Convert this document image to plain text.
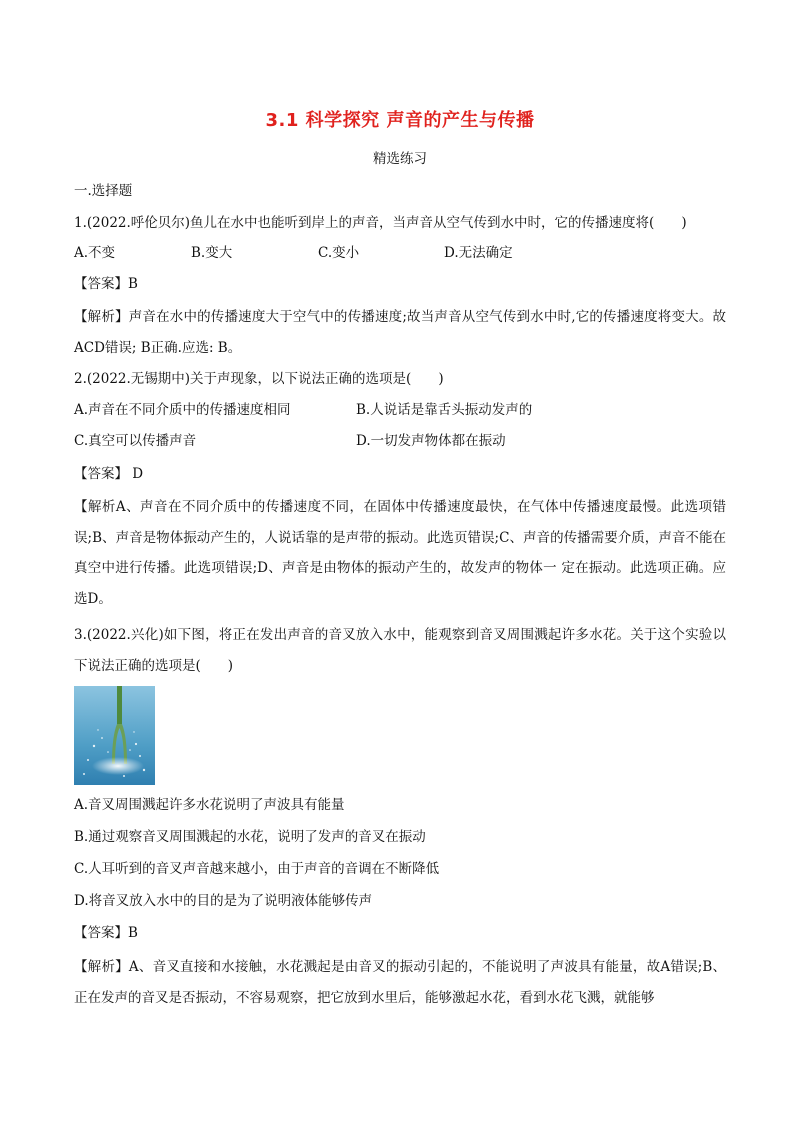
3.1 科学探究 声音的产生与传播
精选练习
一.选择题
1.(2022.呼伦贝尔)鱼儿在水中也能听到岸上的声音，当声音从空气传到水中时，它的传播速度将(　　)
A.不变	B.变大	C.变小	D.无法确定
【答案】B
【解析】声音在水中的传播速度大于空气中的传播速度;故当声音从空气传到水中时,它的传播速度将变大。故ACD错误; B正确.应选: B。
2.(2022.无锡期中)关于声现象，以下说法正确的选项是(　　)
A.声音在不同介质中的传播速度相同	B.人说话是靠舌头振动发声的
C.真空可以传播声音	D.一切发声物体都在振动
【答案】 D
【解析A、声音在不同介质中的传播速度不同，在固体中传播速度最快，在气体中传播速度最慢。此选项错误;B、声音是物体振动产生的，人说话靠的是声带的振动。此选页错误;C、声音的传播需要介质，声音不能在真空中进行传播。此选项错误;D、声音是由物体的振动产生的，故发声的物体一 定在振动。此选项正确。应选D。
3.(2022.兴化)如下图，将正在发出声音的音叉放入水中，能观察到音叉周围溅起许多水花。关于这个实验以下说法正确的选项是(　　)
A.音叉周围溅起许多水花说明了声波具有能量
B.通过观察音叉周围溅起的水花，说明了发声的音叉在振动
C.人耳听到的音叉声音越来越小，由于声音的音调在不断降低
D.将音叉放入水中的目的是为了说明液体能够传声
【答案】B
【解析】A、音叉直接和水接触，水花溅起是由音叉的振动引起的，不能说明了声波具有能量，故A错误;B、正在发声的音叉是否振动，不容易观察，把它放到水里后，能够激起水花，看到水花飞溅，就能够
